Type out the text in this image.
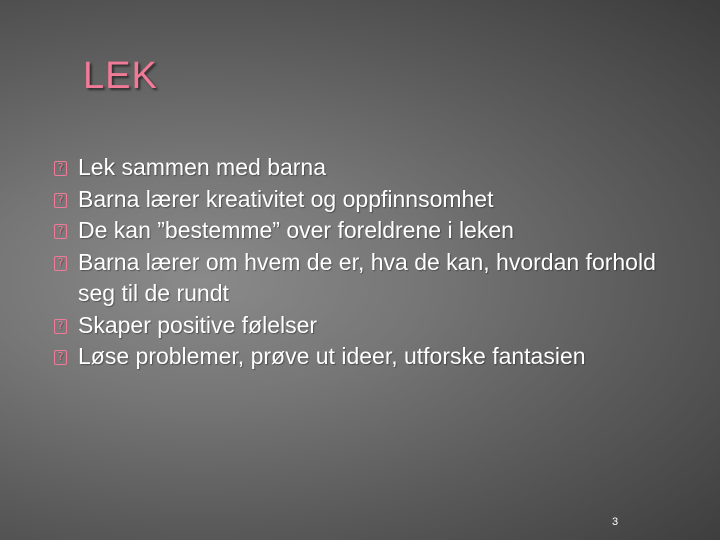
LEK
? Lek sammen med barna
? Barna lærer kreativitet og oppfinnsomhet
? De kan ”bestemme” over foreldrene i leken
? Barna lærer om hvem de er, hva de kan, hvordan forhold seg til de rundt
? Skaper positive følelser
? Løse problemer, prøve ut ideer, utforske fantasien
3
